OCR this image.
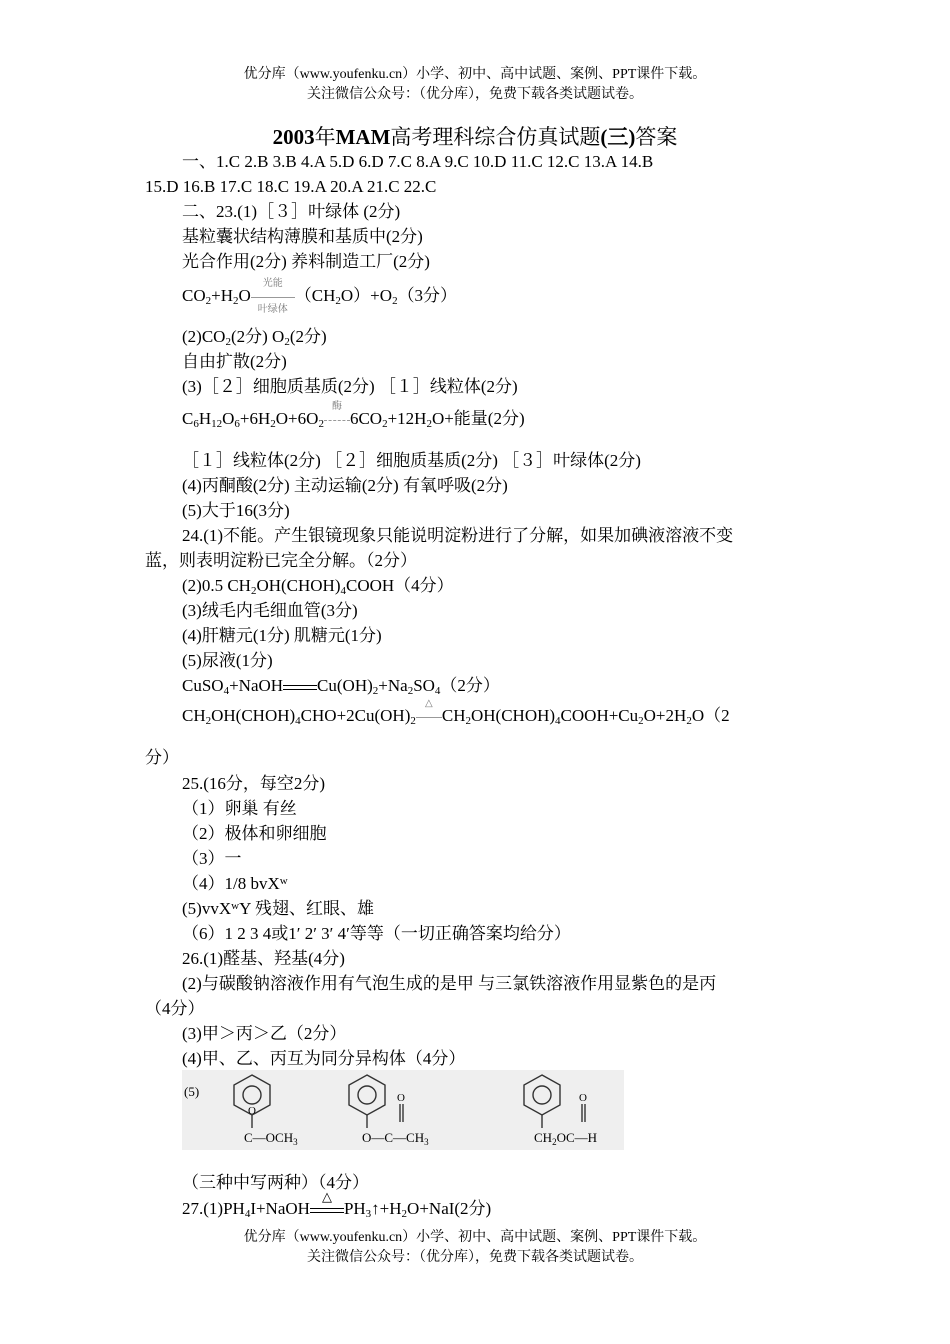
优分库（www.youfenku.cn）小学、初中、高中试题、案例、PPT课件下载。
关注微信公众号：（优分库），免费下载各类试题试卷。
2003年MAM高考理科综合仿真试题(三)答案
一、1.C 2.B 3.B 4.A 5.D 6.D 7.C 8.A 9.C 10.D 11.C 12.C 13.A 14.B
15.D 16.B 17.C 18.C 19.A 20.A 21.C 22.C
二、23.(1)［３］叶绿体 (2分)
基粒囊状结构薄膜和基质中(2分)
光合作用(2分) 养料制造工厂(2分)
$CO_2+H_2O$
光能
叶绿体
$(CH_2O)+O_2(3$分）
$(2)CO_2(2$分) $O_2(2$分)
自由扩散(2分)
(3)［２］细胞质基质(2分) ［１］线粒体(2分)
$C_6H_{12}O_6+6H_2O+6O_2$
酶
$6CO_2+12H_2O+$能量(2分)
［１］线粒体(2分) ［２］细胞质基质(2分) ［３］叶绿体(2分)
(4)丙酮酸(2分) 主动运输(2分) 有氧呼吸(2分)
(5)大于16(3分)
24.(1)不能。产生银镜现象只能说明淀粉进行了分解，如果加碘液溶液不变
蓝，则表明淀粉已完全分解。（2分）
(2)0.5 $CH_2OH(CHOH)_4COOH(4$分）
(3)绒毛内毛细血管(3分)
(4)肝糖元(1分) 肌糖元(1分)
(5)尿液(1分)
CuSO$_4$+NaOH $Cu(OH)_2+Na_2SO_4(2$分）
$CH_2OH(CHOH)_4CHO+2Cu(OH)_2$
△
$CH_2OH(CHOH)_4COOH+Cu_2O+2H_2O(2$
分）
25.(16分，每空2分)
（1）卵巢 有丝
（2）极体和卵细胞
（3）一
（4）1/8 bvX$^w$
(5)vvX$^w$Y 残翅、红眼、雄
（6）1 2 3 4或1′ 2′ 3′ 4′等等（一切正确答案均给分）
26.(1)醛基、羟基(4分)
(2)与碳酸钠溶液作用有气泡生成的是甲 与三氯铁溶液作用显紫色的是丙
（4分）
(3)甲＞丙＞乙（2分）
(4)甲、乙、丙互为同分异构体（4分）
(5)
O
$C—OCH_3$
O
$O—C—CH_3$
O
$CH_2OC—H$
（三种中写两种）（4分）
$27.(1)PH_4I+NaOH$
△
$PH_3↑+H_2O+NaI(2$分)
优分库（www.youfenku.cn）小学、初中、高中试题、案例、PPT课件下载。
关注微信公众号：（优分库），免费下载各类试题试卷。
